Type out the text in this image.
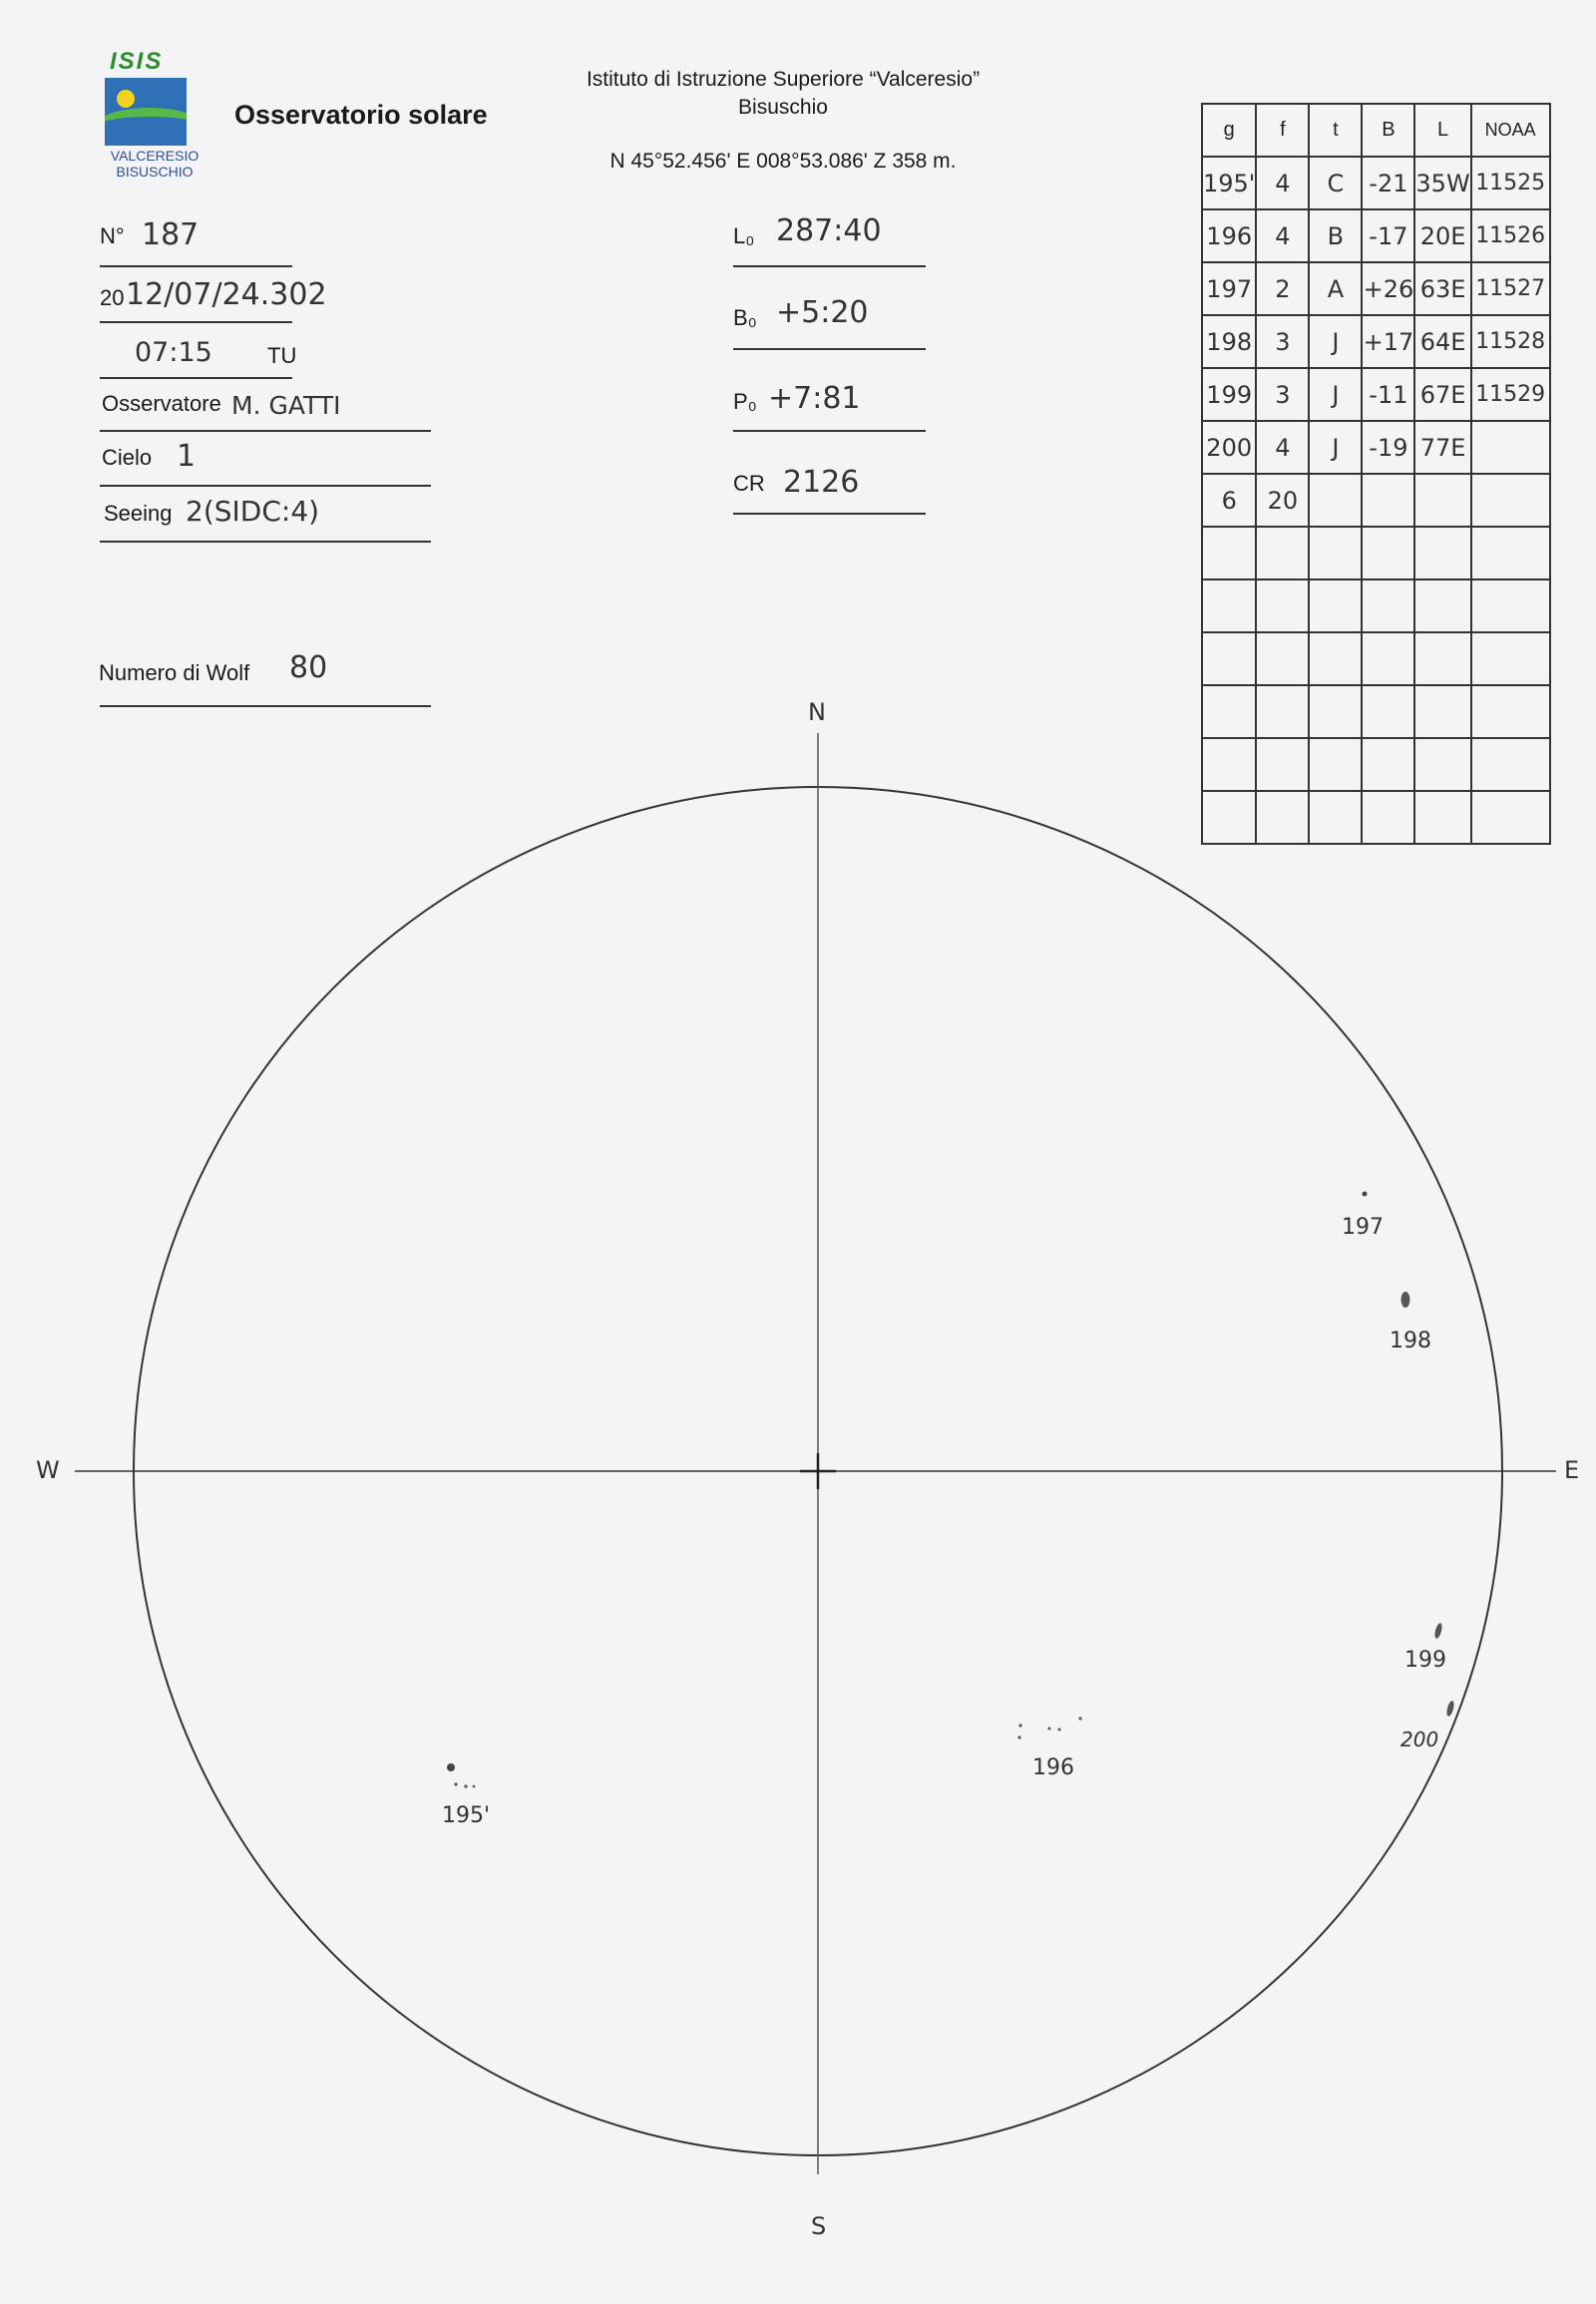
ISIS
VALCERESIO
BISUSCHIO
Osservatorio solare
Istituto di Istruzione Superiore “Valceresio”
Bisuschio
N 45°52.456' E 008°53.086' Z 358 m.
N° 187
20 12/07/24.302
07:15	TU
Osservatore M. GATTI
Cielo 1
Seeing 2(SIDC:4)
Numero di Wolf 80
L₀ 287:40
B₀ +5:20
P₀ +7:81
CR 2126
g	f	t	B	L	NOAA
195'	4	C	-21	35W	11525
196	4	B	-17	20E	11526
197	2	A	+26	63E	11527
198	3	J	+17	64E	11528
199	3	J	-11	67E	11529
200	4	J	-19	77E	
6	20				

N
S
W	E
195'
196
197
198
199
200
